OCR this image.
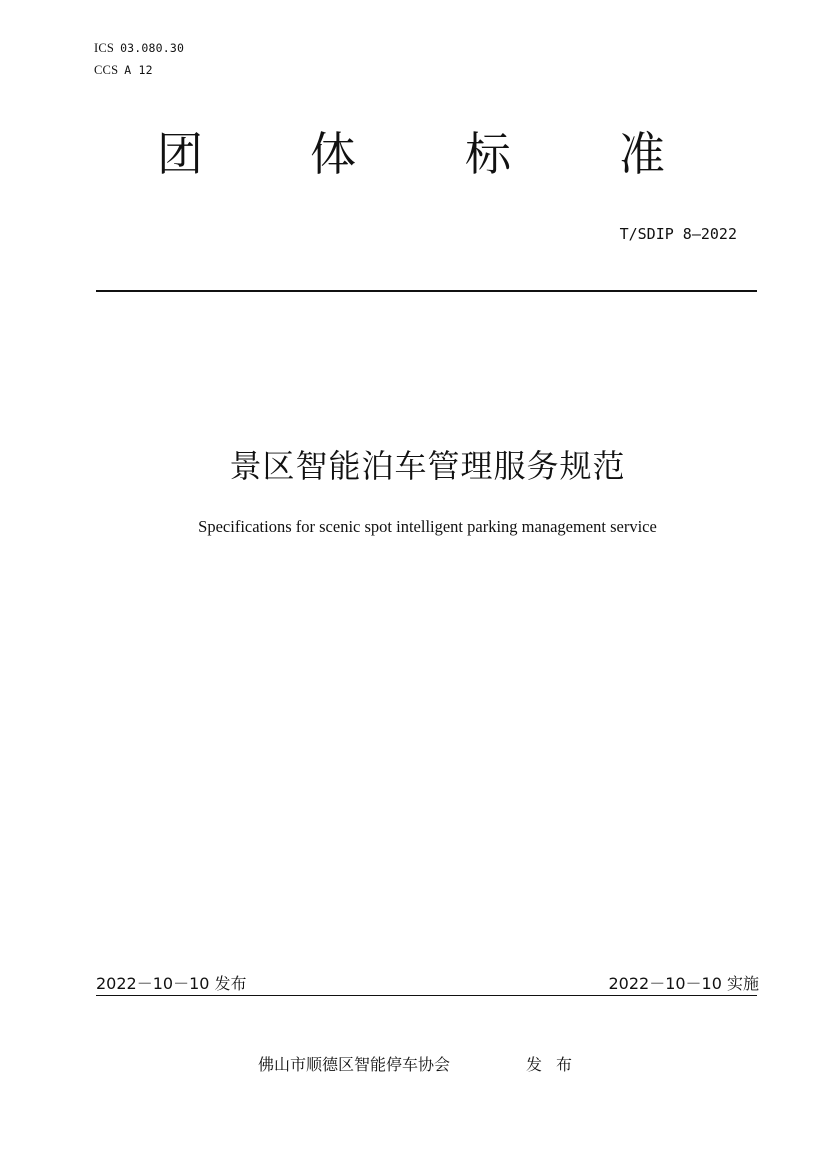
ICS 03.080.30
CCS A 12
团 体 标 准
T/SDIP 8—2022
景区智能泊车管理服务规范
Specifications for scenic spot intelligent parking management service
2022－10－10 发布	2022－10－10 实施
佛山市顺德区智能停车协会	发布
